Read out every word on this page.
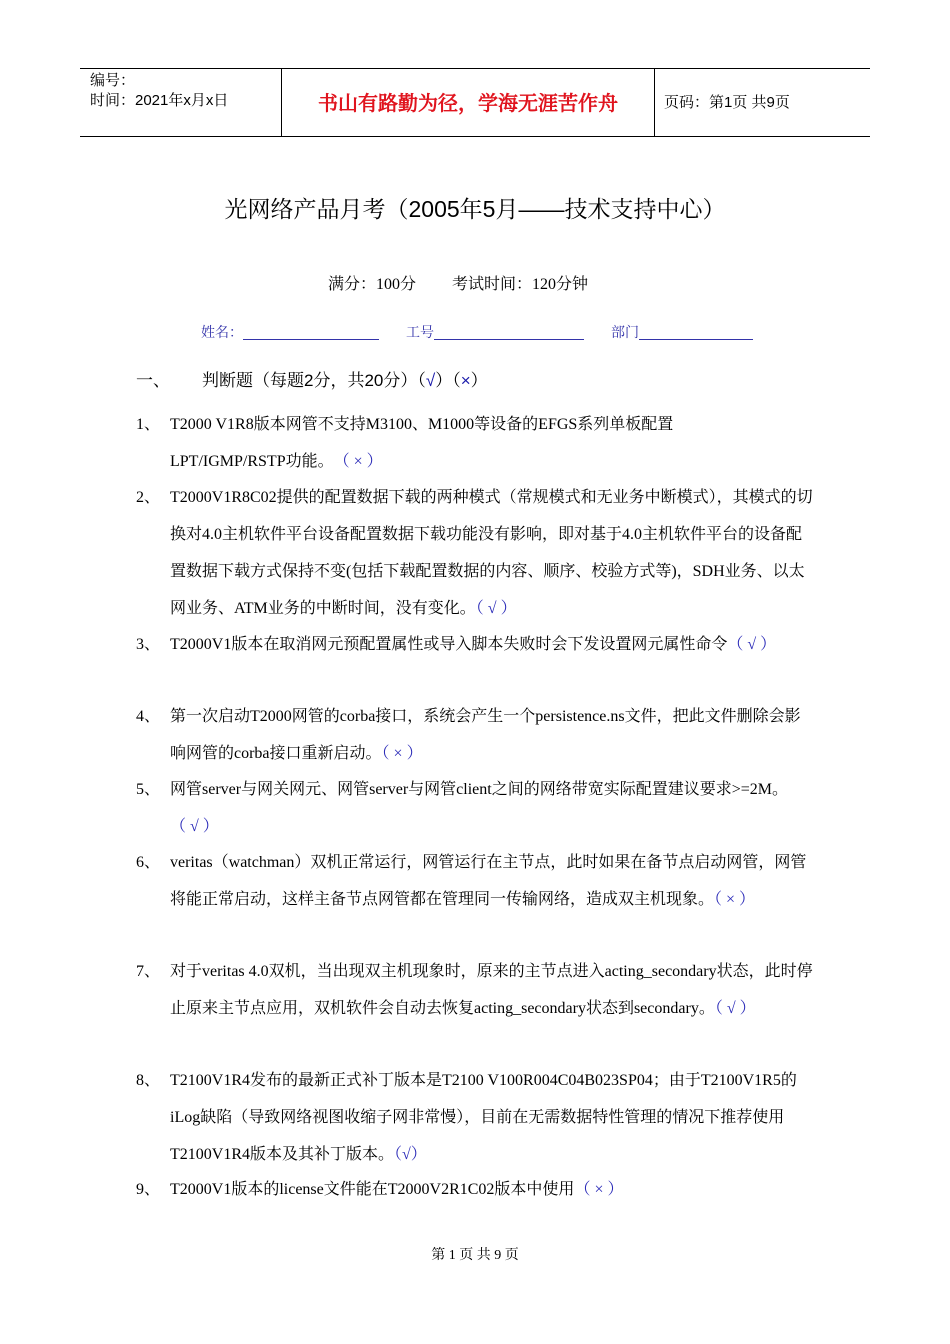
编号：
时间：2021年x月x日	书山有路勤为径，学海无涯苦作舟	页码：第1页 共9页
光网络产品月考（2005年5月——技术支持中心）
满分：100分 考试时间：120分钟
姓名：	工号	部门
一、 判断题（每题2分，共20分）（√）（×）
1、 T2000 V1R8版本网管不支持M3100、M1000等设备的EFGS系列单板配置LPT/IGMP/RSTP功能。　 （ × ）
2、 T2000V1R8C02提供的配置数据下载的两种模式（常规模式和无业务中断模式），其模式的切换对4.0主机软件平台设备配置数据下载功能没有影响，即对基于4.0主机软件平台的设备配置数据下载方式保持不变(包括下载配置数据的内容、顺序、校验方式等)，SDH业务、以太网业务、ATM业务的中断时间，没有变化。（ √ ）
3、 T2000V1版本在取消网元预配置属性或导入脚本失败时会下发设置网元属性命令（ √ ）
4、 第一次启动T2000网管的corba接口，系统会产生一个persistence.ns文件，把此文件删除会影响网管的corba接口重新启动。（ × ）
5、 网管server与网关网元、网管server与网管client之间的网络带宽实际配置建议要求>=2M。（ √ ）
6、 veritas（watchman）双机正常运行，网管运行在主节点，此时如果在备节点启动网管，网管将能正常启动，这样主备节点网管都在管理同一传输网络，造成双主机现象。（ × ）
7、 对于veritas 4.0双机，当出现双主机现象时，原来的主节点进入acting_secondary状态，此时停止原来主节点应用，双机软件会自动去恢复acting_secondary状态到secondary。（ √ ）
8、 T2100V1R4发布的最新正式补丁版本是T2100 V100R004C04B023SP04；由于T2100V1R5的iLog缺陷（导致网络视图收缩子网非常慢），目前在无需数据特性管理的情况下推荐使用T2100V1R4版本及其补丁版本。（√）
9、 T2000V1版本的license文件能在T2000V2R1C02版本中使用（ × ）
第 1 页 共 9 页
